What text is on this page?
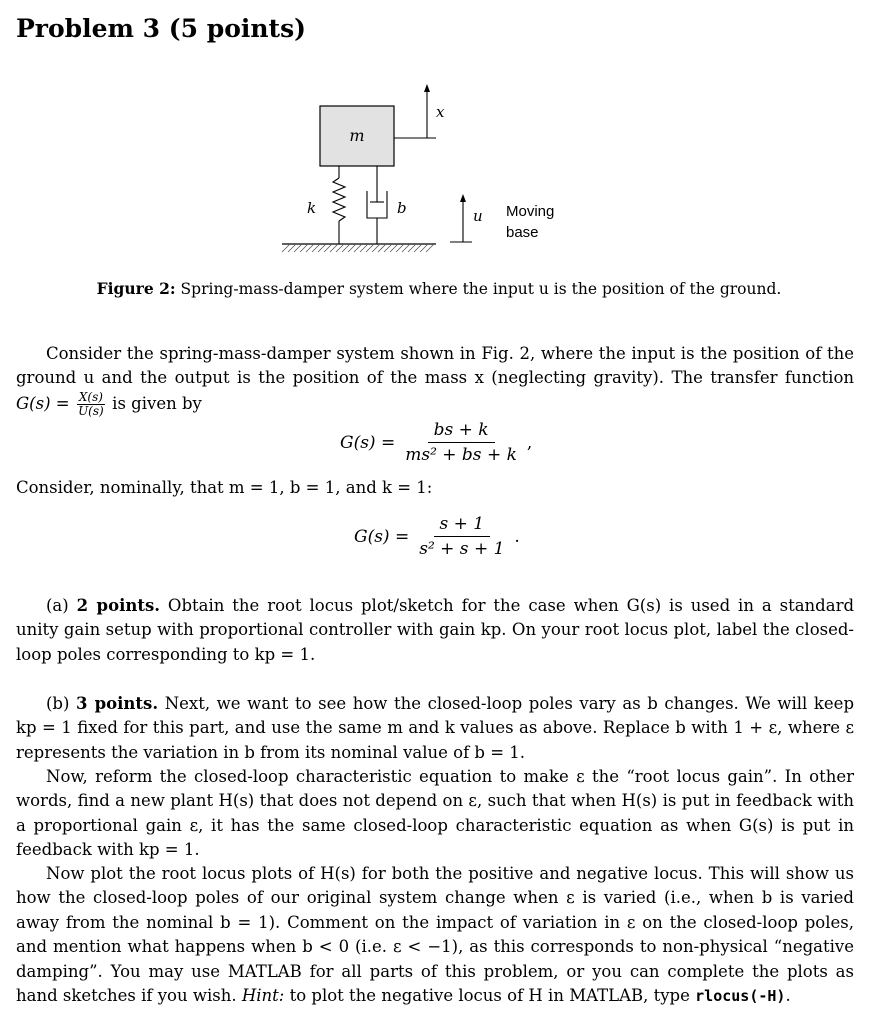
Problem 3 (5 points)
m
x
k	b	u Moving
base
Figure 2: Spring-mass-damper system where the input u is the position of the ground.
Consider the spring-mass-damper system shown in Fig. 2, where the input is the position of the ground u and the output is the position of the mass x (neglecting gravity). The transfer function $G(s) = \frac{X(s)}{U(s)}$ is given by
$G(s) = \frac{bs + k}{\text{ms² + bs + k}}$ ,
Consider, nominally, that m = 1, b = 1, and k = 1:
$G(s) = \frac{s + 1}{\text{s² + s + 1}}$ .
(a) 2 points. Obtain the root locus plot/sketch for the case when G(s) is used in a standard unity gain setup with proportional controller with gain kp. On your root locus plot, label the closed-loop poles corresponding to kp = 1.
(b) 3 points. Next, we want to see how the closed-loop poles vary as b changes. We will keep kp = 1 fixed for this part, and use the same m and k values as above. Replace b with 1 + ε, where ε represents the variation in b from its nominal value of b = 1.
Now, reform the closed-loop characteristic equation to make ε the “root locus gain”. In other words, find a new plant H(s) that does not depend on ε, such that when H(s) is put in feedback with a proportional gain ε, it has the same closed-loop characteristic equation as when G(s) is put in feedback with kp = 1.
Now plot the root locus plots of H(s) for both the positive and negative locus. This will show us how the closed-loop poles of our original system change when ε is varied (i.e., when b is varied away from the nominal b = 1). Comment on the impact of variation in ε on the closed-loop poles, and mention what happens when b < 0 (i.e. ε < −1), as this corresponds to non-physical “negative damping”. You may use MATLAB for all parts of this problem, or you can complete the plots as hand sketches if you wish. Hint: to plot the negative locus of H in MATLAB, type rlocus(-H).
